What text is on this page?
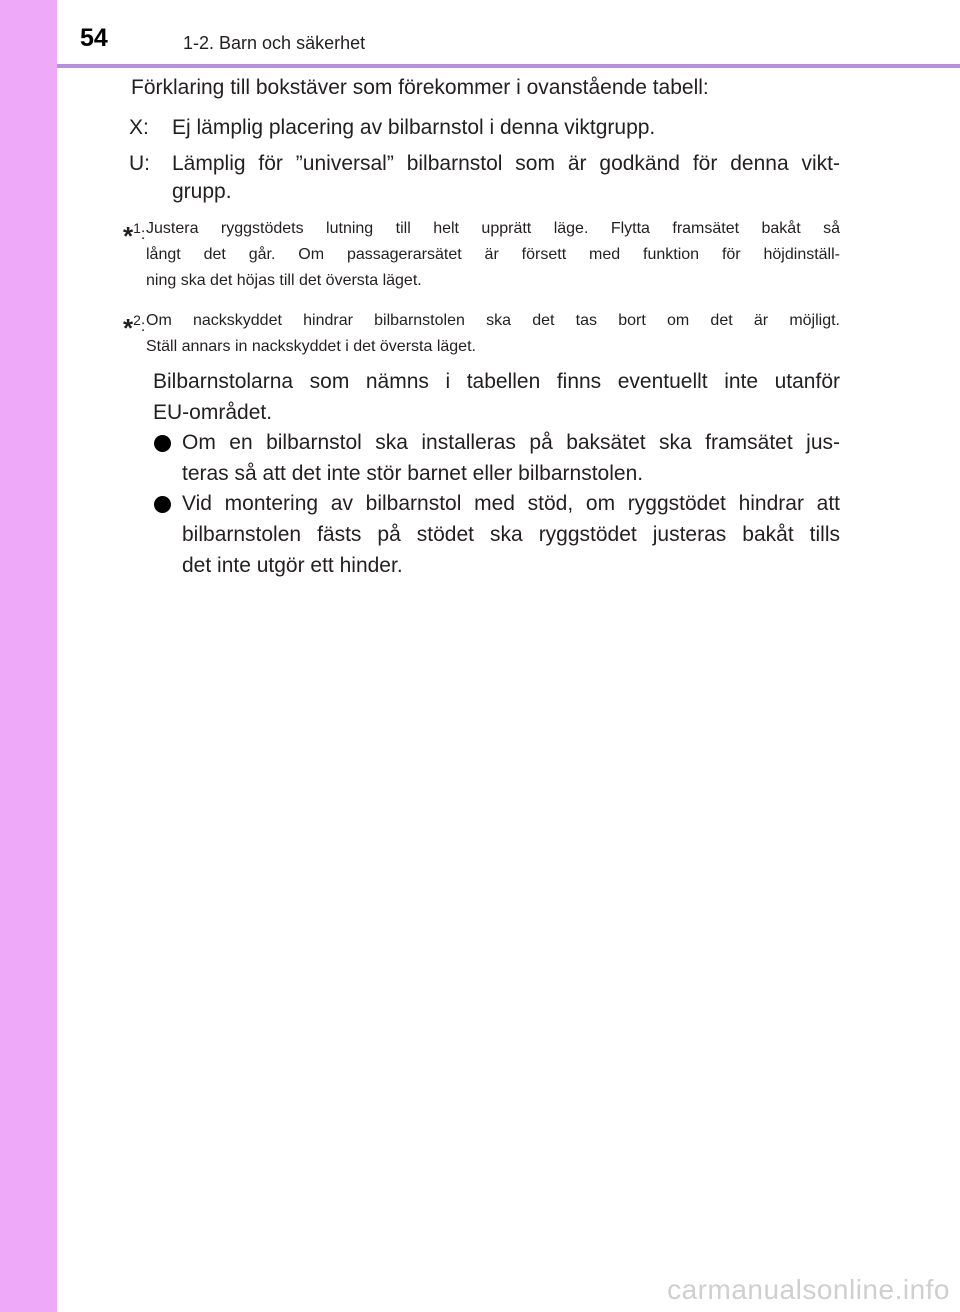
54	1-2. Barn och säkerhet
Förklaring till bokstäver som förekommer i ovanstående tabell:
X: Ej lämplig placering av bilbarnstol i denna viktgrupp.
U: Lämplig för ”universal” bilbarnstol som är godkänd för denna vikt-
grupp.
*$^1$: Justera ryggstödets lutning till helt upprätt läge. Flytta framsätet bakåt så
långt det går. Om passagerarsätet är försett med funktion för höjdinställ-
ning ska det höjas till det översta läget.
*$^2$: Om nackskyddet hindrar bilbarnstolen ska det tas bort om det är möjligt.
Ställ annars in nackskyddet i det översta läget.
Bilbarnstolarna som nämns i tabellen finns eventuellt inte utanför
EU-området.
Om en bilbarnstol ska installeras på baksätet ska framsätet jus-
teras så att det inte stör barnet eller bilbarnstolen.
Vid montering av bilbarnstol med stöd, om ryggstödet hindrar att
bilbarnstolen fästs på stödet ska ryggstödet justeras bakåt tills
det inte utgör ett hinder.
carmanualsonline.info
